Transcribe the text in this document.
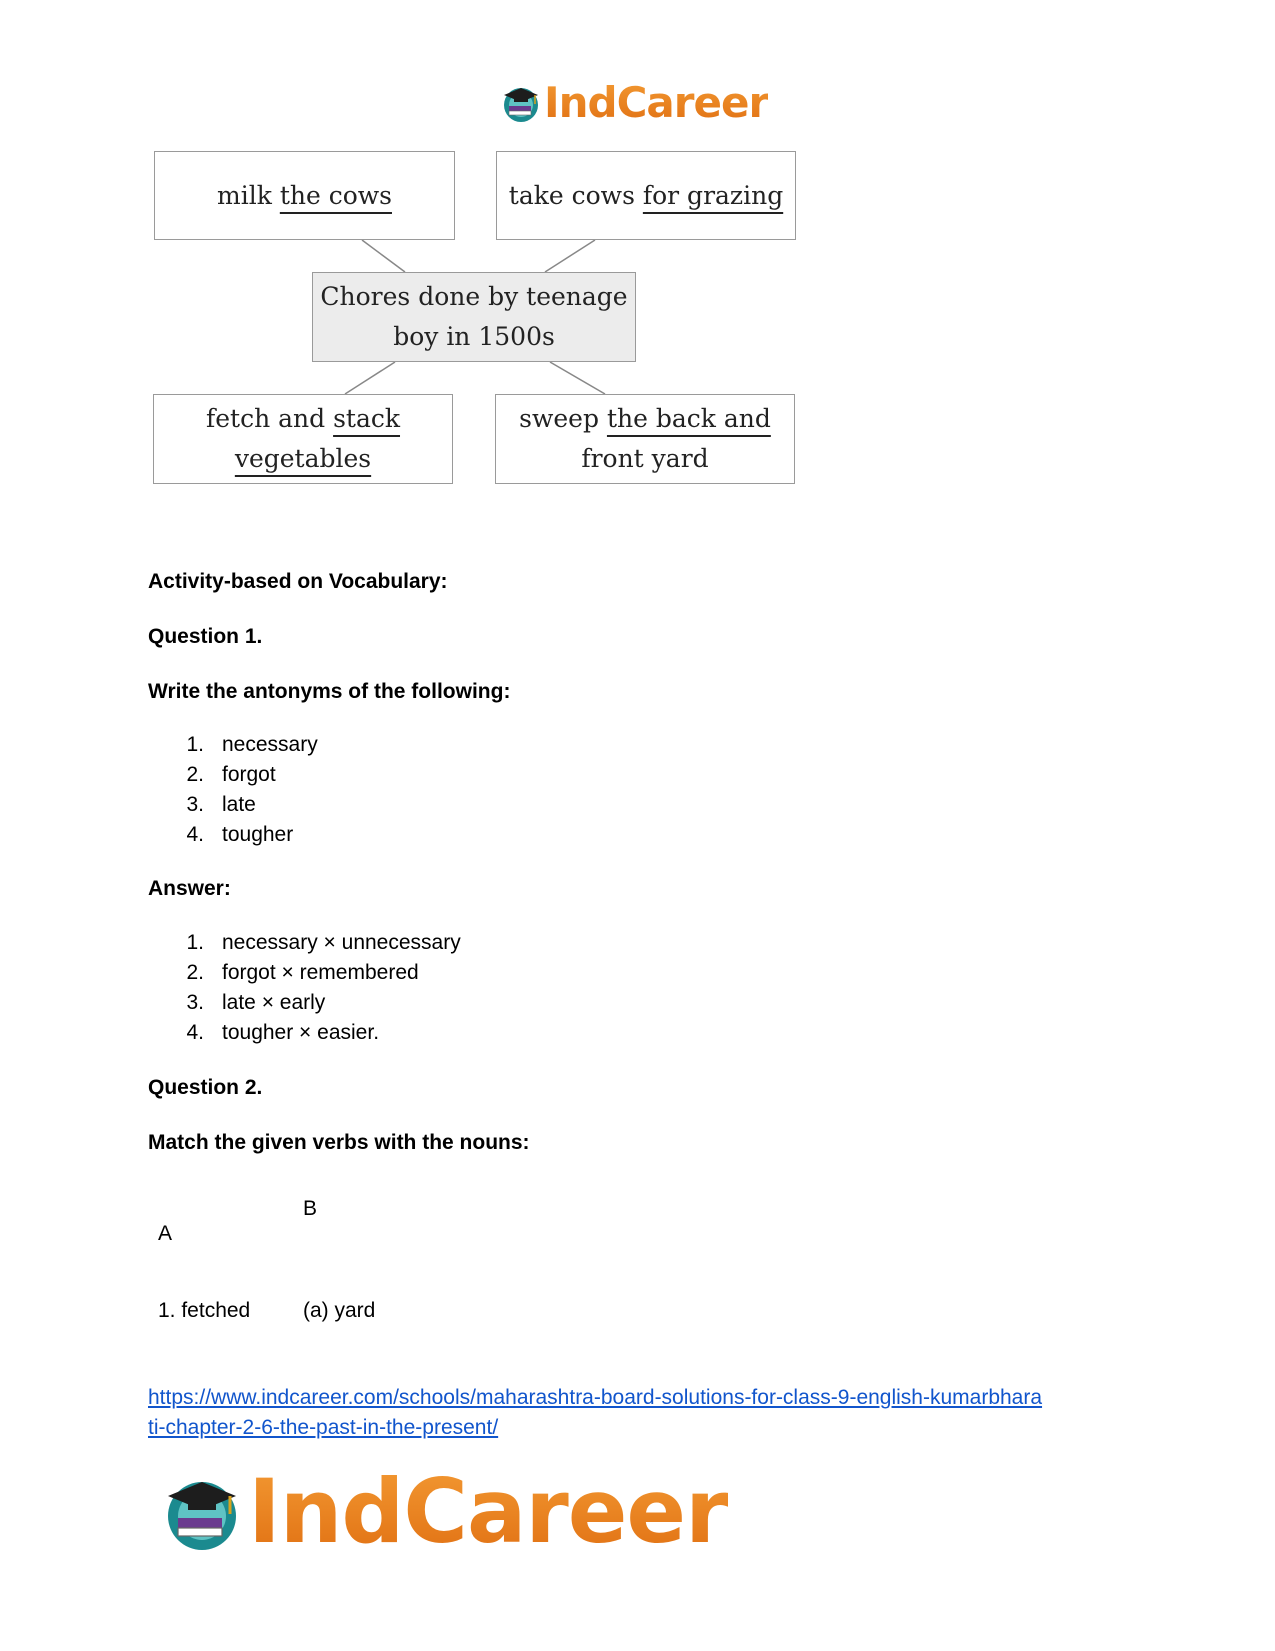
IndCareer
milk the cows	take cows for grazing
Chores done by teenage
boy in 1500s
fetch and stack
vegetables
sweep the back and
front yard
Activity-based on Vocabulary:
Question 1.
Write the antonyms of the following:
1. necessary
2. forgot
3. late
4. tougher
Answer:
1. necessary × unnecessary
2. forgot × remembered
3. late × early
4. tougher × easier.
Question 2.
Match the given verbs with the nouns:
A
B
1. fetched	(a) yard
https://www.indcareer.com/schools/maharashtra-board-solutions-for-class-9-english-kumarbhara
ti-chapter-2-6-the-past-in-the-present/
IndCareer
